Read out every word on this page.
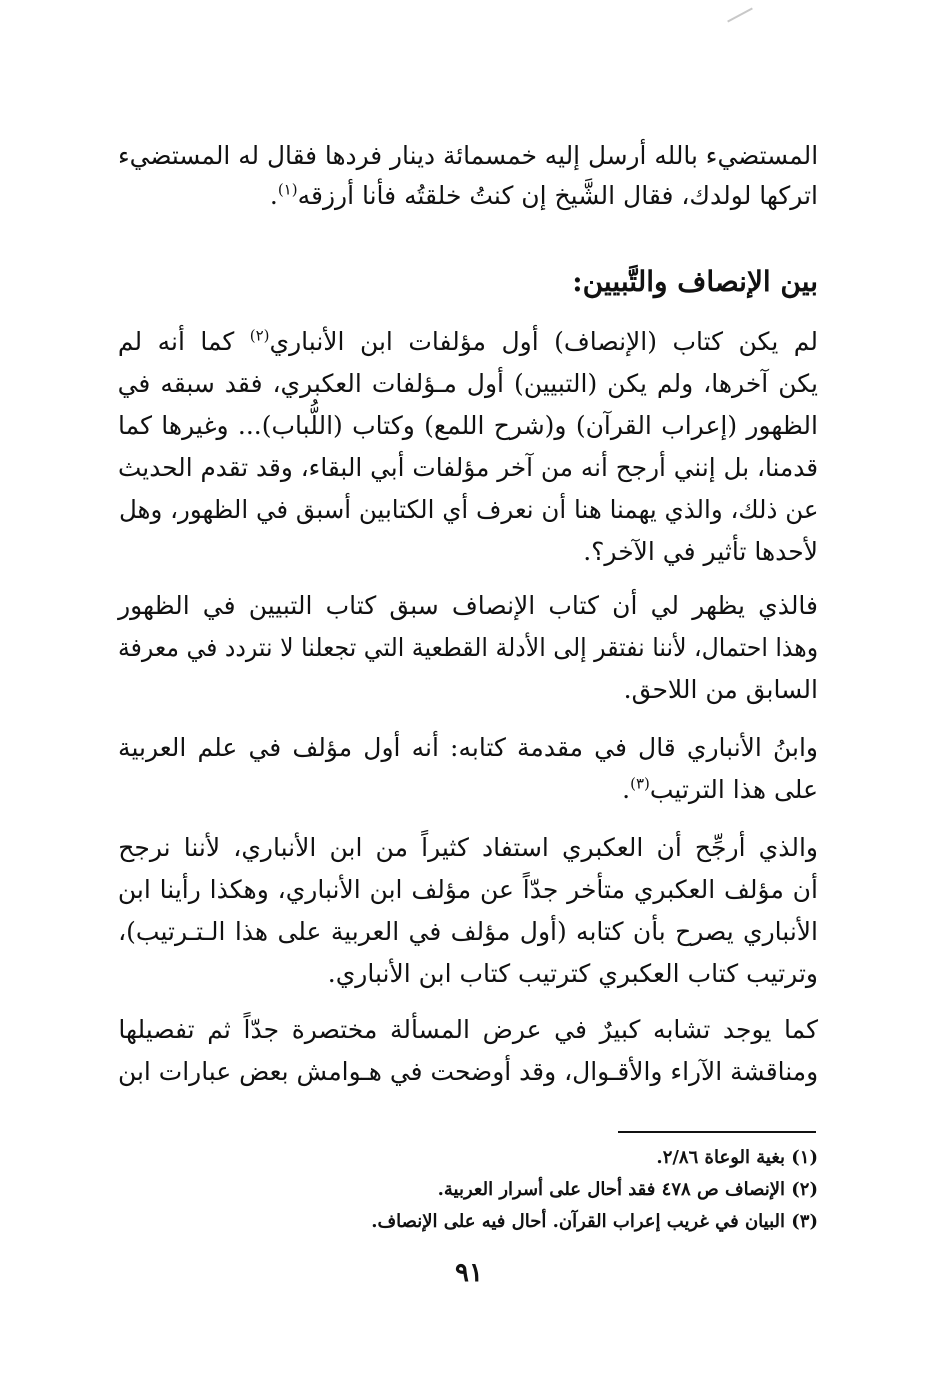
المستضيء بالله أرسل إليه خمسمائة دينار فردها فقال له المستضيء
اتركها لولدك، فقال الشَّيخ إن كنتُ خلقتُه فأنا أرزقه$^{(١)}$.
بين الإنصاف والتَّبيين:
لم يكن كتاب (الإنصاف) أول مؤلفات ابن الأنباري$^{(٢)}$ كما أنه لم
يكن آخرها، ولم يكن (التبيين) أول مـؤلفات العكبري، فقد سبقه في
الظهور (إعراب القرآن) و(شرح اللمع) وكتاب (اللُّباب)... وغيرها كما
قدمنا، بل إنني أرجح أنه من آخر مؤلفات أبي البقاء، وقد تقدم الحديث
عن ذلك، والذي يهمنا هنا أن نعرف أي الكتابين أسبق في الظهور، وهل
لأحدها تأثير في الآخر؟.
فالذي يظهر لي أن كتاب الإنصاف سبق كتاب التبيين في الظهور
وهذا احتمال، لأننا نفتقر إلى الأدلة القطعية التي تجعلنا لا نتردد في معرفة
السابق من اللاحق.
وابنُ الأنباري قال في مقدمة كتابه: أنه أول مؤلف في علم العربية
على هذا الترتيب$^{(٣)}$.
والذي أرجِّح أن العكبري استفاد كثيراً من ابن الأنباري، لأننا نرجح
أن مؤلف العكبري متأخر جدّاً عن مؤلف ابن الأنباري، وهكذا رأينا ابن
الأنباري يصرح بأن كتابه (أول مؤلف في العربية على هذا الـتـرتيب)،
وترتيب كتاب العكبري كترتيب كتاب ابن الأنباري.
كما يوجد تشابه كبيرٌ في عرض المسألة مختصرة جدّاً ثم تفصيلها
ومناقشة الآراء والأقـوال، وقد أوضحت في هـوامش بعض عبارات ابن
(١) بغية الوعاة ٢/٨٦.
(٢) الإنصاف ص ٤٧٨ فقد أحال على أسرار العربية.
(٣) البيان في غريب إعراب القرآن. أحال فيه على الإنصاف.
٩١
